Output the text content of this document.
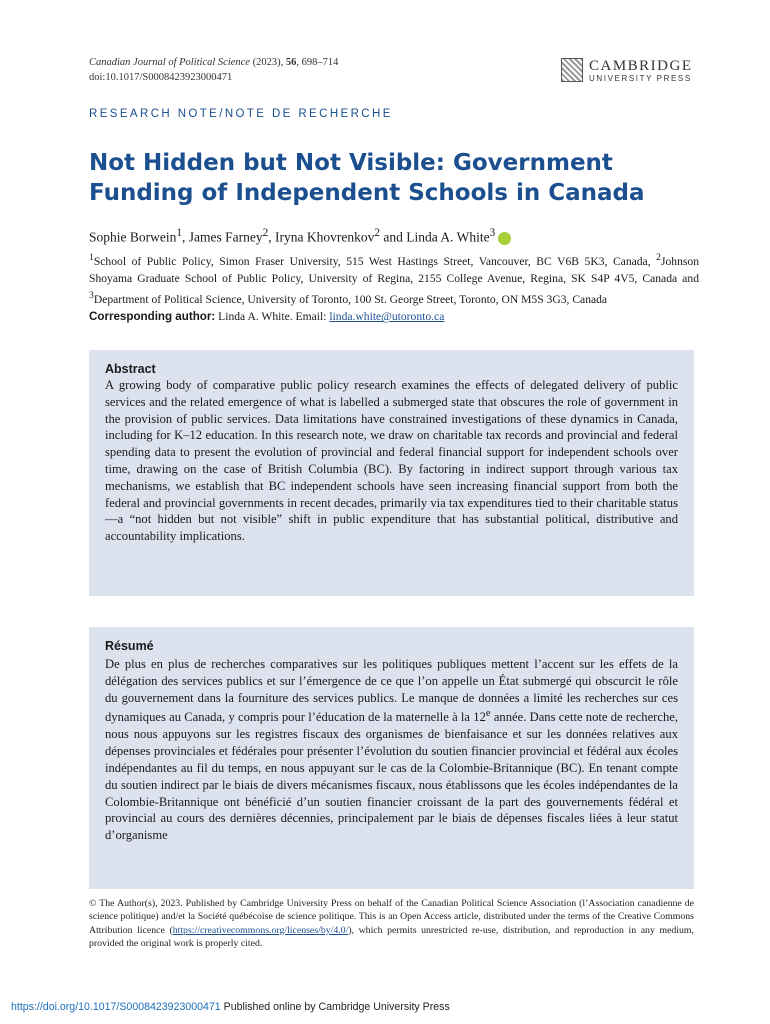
Canadian Journal of Political Science (2023), 56, 698–714
doi:10.1017/S0008423923000471
CAMBRIDGE
UNIVERSITY PRESS
RESEARCH NOTE/NOTE DE RECHERCHE
Not Hidden but Not Visible: Government Funding of Independent Schools in Canada
Sophie Borwein$^1$, James Farney$^2$, Iryna Khovrenkov$^2$ and Linda A. White$^3$
$^1$School of Public Policy, Simon Fraser University, 515 West Hastings Street, Vancouver, BC V6B 5K3, Canada, $^2$Johnson Shoyama Graduate School of Public Policy, University of Regina, 2155 College Avenue, Regina, SK S4P 4V5, Canada and $^3$Department of Political Science, University of Toronto, 100 St. George Street, Toronto, ON M5S 3G3, Canada
Corresponding author: Linda A. White. Email: linda.white@utoronto.ca
Abstract
A growing body of comparative public policy research examines the effects of delegated delivery of public services and the related emergence of what is labelled a submerged state that obscures the role of government in the provision of public services. Data limitations have constrained investigations of these dynamics in Canada, including for K–12 education. In this research note, we draw on charitable tax records and provincial and federal spending data to present the evolution of provincial and federal financial support for independent schools over time, drawing on the case of British Columbia (BC). By factoring in indirect support through various tax mechanisms, we establish that BC independent schools have seen increasing financial support from both the federal and provincial governments in recent decades, primarily via tax expenditures tied to their charitable status—a “not hidden but not visible” shift in public expenditure that has substantial political, distributive and accountability implications.
Résumé
De plus en plus de recherches comparatives sur les politiques publiques mettent l’accent sur les effets de la délégation des services publics et sur l’émergence de ce que l’on appelle un État submergé qui obscurcit le rôle du gouvernement dans la fourniture des services publics. Le manque de données a limité les recherches sur ces dynamiques au Canada, y compris pour l’éducation de la maternelle à la 12e année. Dans cette note de recherche, nous nous appuyons sur les registres fiscaux des organismes de bienfaisance et sur les données relatives aux dépenses provinciales et fédérales pour présenter l’évolution du soutien financier provincial et fédéral aux écoles indépendantes au fil du temps, en nous appuyant sur le cas de la Colombie-Britannique (BC). En tenant compte du soutien indirect par le biais de divers mécanismes fiscaux, nous établissons que les écoles indépendantes de la Colombie-Britannique ont bénéficié d’un soutien financier croissant de la part des gouvernements fédéral et provincial au cours des dernières décennies, principalement par le biais de dépenses fiscales liées à leur statut d’organisme
© The Author(s), 2023. Published by Cambridge University Press on behalf of the Canadian Political Science Association (l’Association canadienne de science politique) and/et la Société québécoise de science politique. This is an Open Access article, distributed under the terms of the Creative Commons Attribution licence (https://creativecommons.org/licenses/by/4.0/), which permits unrestricted re-use, distribution, and reproduction in any medium, provided the original work is properly cited.
https://doi.org/10.1017/S0008423923000471 Published online by Cambridge University Press
